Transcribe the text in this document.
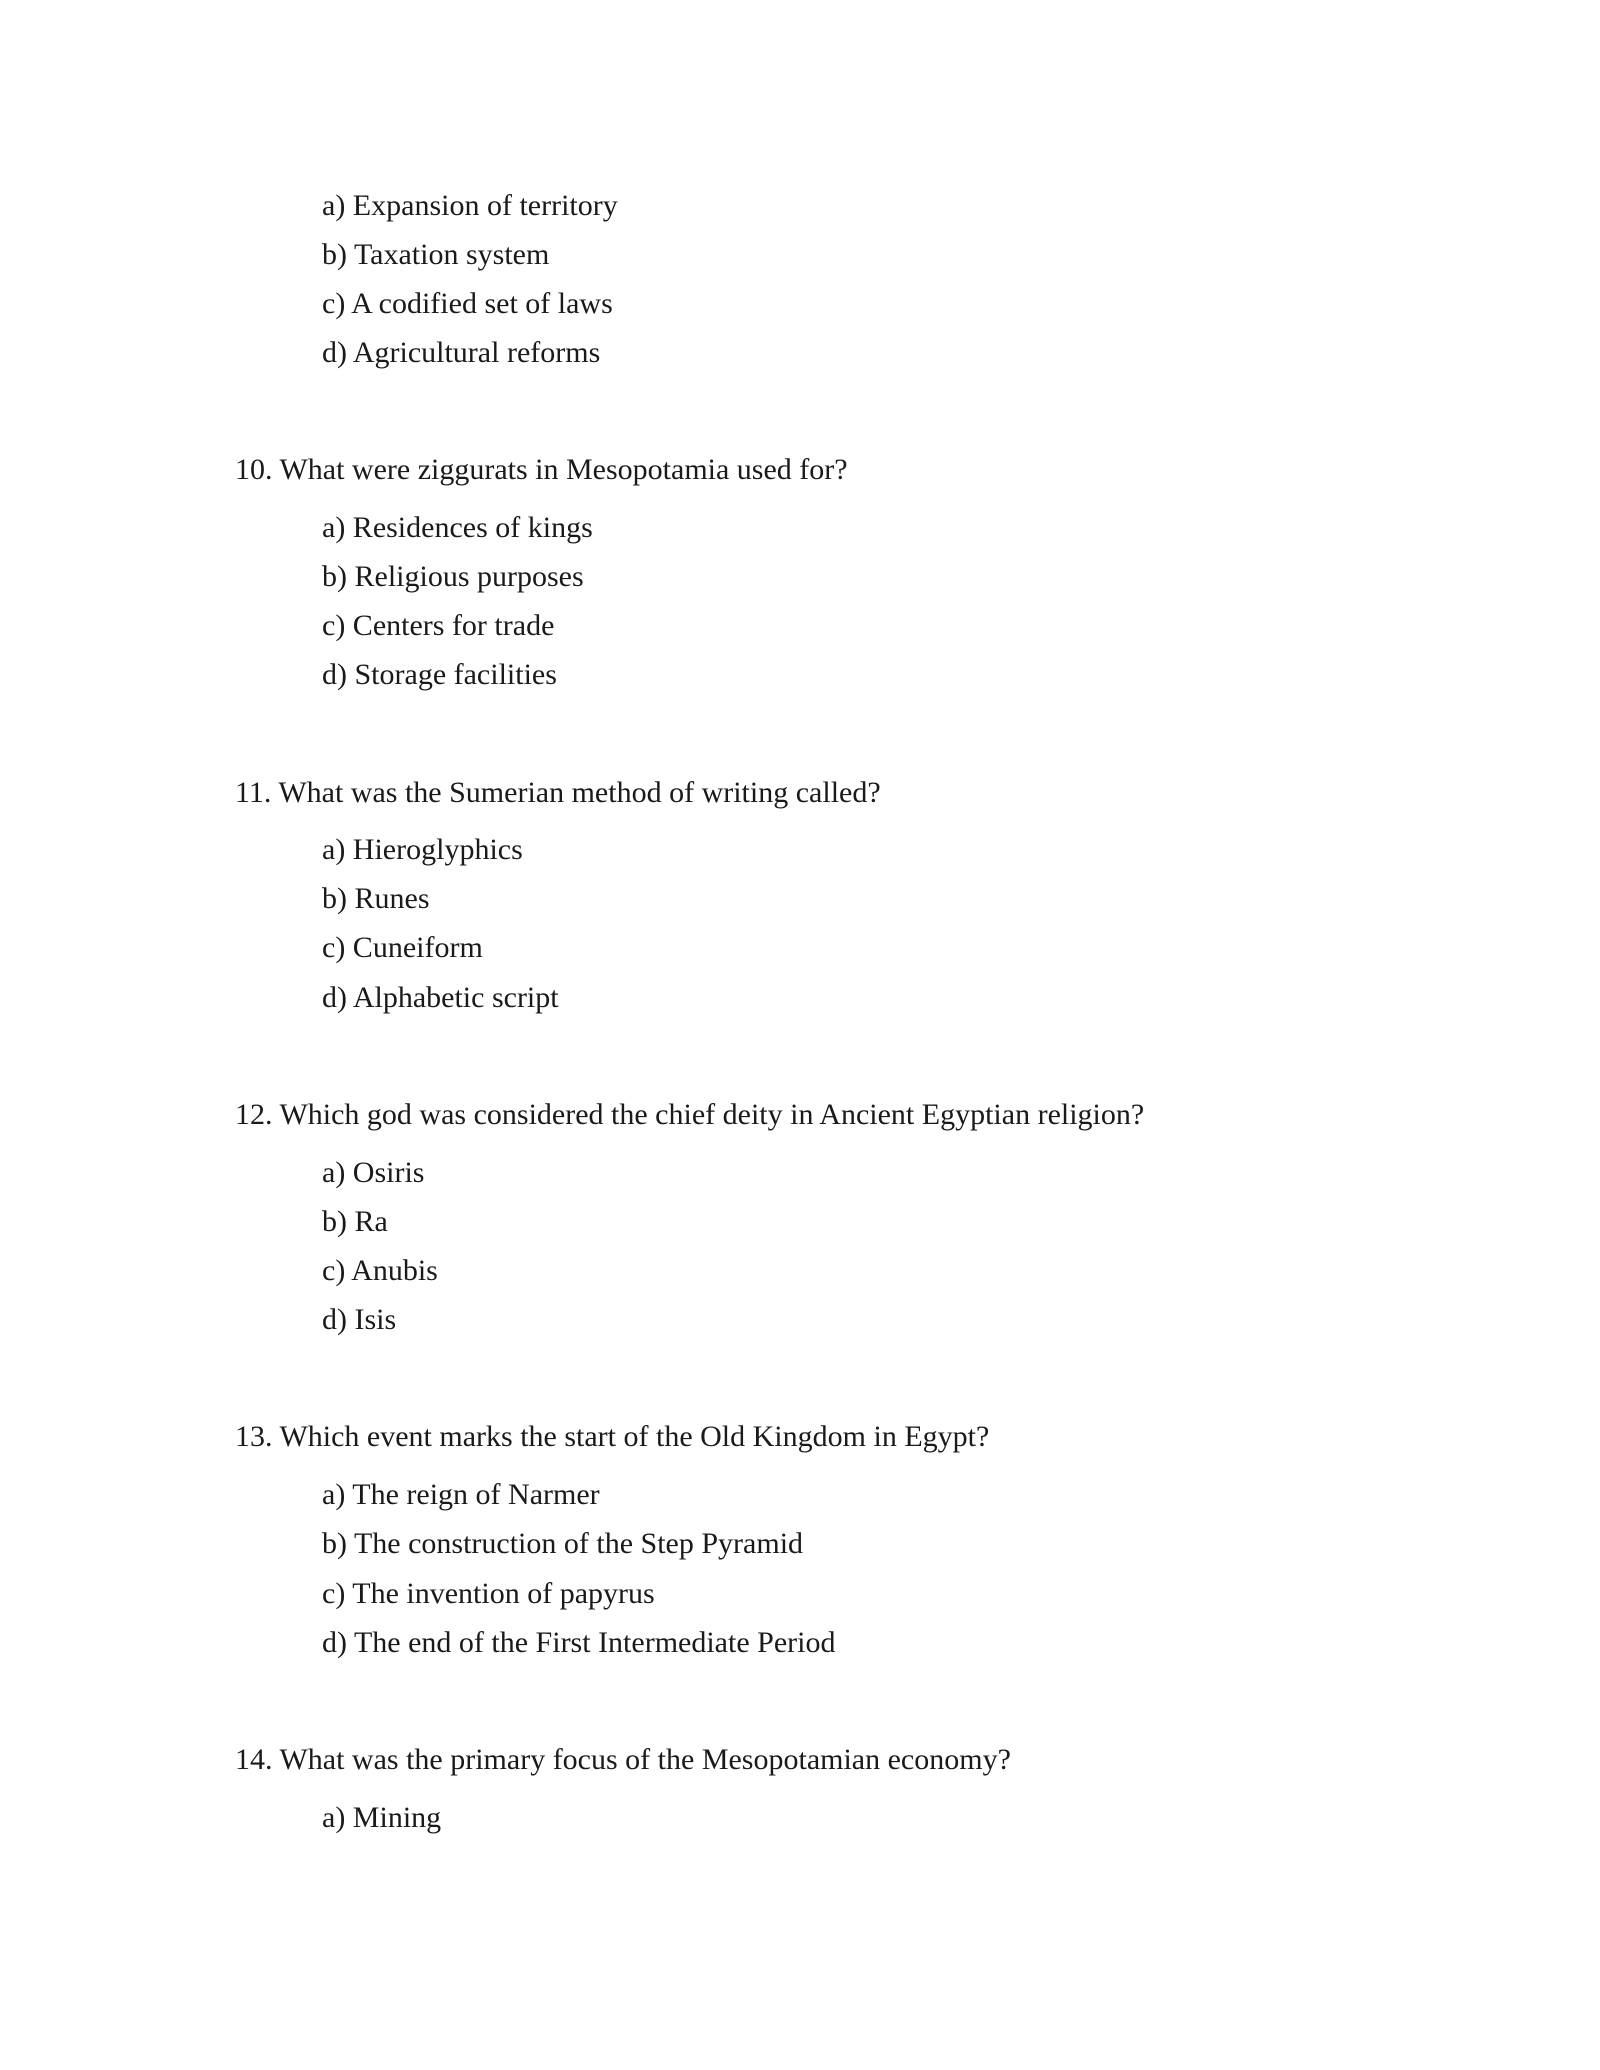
a) Expansion of territory
b) Taxation system
c) A codified set of laws
d) Agricultural reforms
10. What were ziggurats in Mesopotamia used for?
a) Residences of kings
b) Religious purposes
c) Centers for trade
d) Storage facilities
11. What was the Sumerian method of writing called?
a) Hieroglyphics
b) Runes
c) Cuneiform
d) Alphabetic script
12. Which god was considered the chief deity in Ancient Egyptian religion?
a) Osiris
b) Ra
c) Anubis
d) Isis
13. Which event marks the start of the Old Kingdom in Egypt?
a) The reign of Narmer
b) The construction of the Step Pyramid
c) The invention of papyrus
d) The end of the First Intermediate Period
14. What was the primary focus of the Mesopotamian economy?
a) Mining
